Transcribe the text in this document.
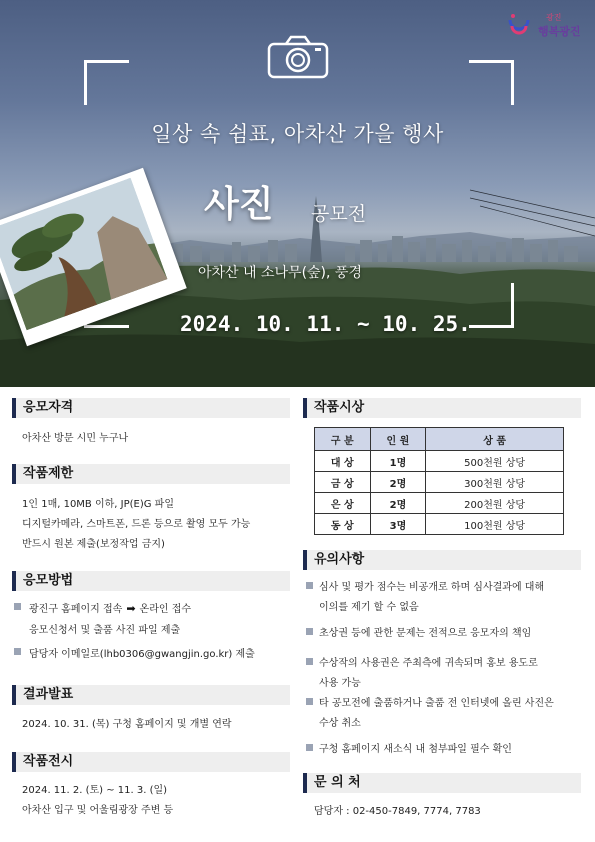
광진
행복광진
일상 속 쉼표, 아차산 가을 행사
사진 공모전
아차산 내 소나무(숲), 풍경
2024. 10. 11. ~ 10. 25.
응모자격
아차산 방문 시민 누구나
작품제한
1인 1매, 10MB 이하, JP(E)G 파일
디지털카메라, 스마트폰, 드론 등으로 촬영 모두 가능
반드시 원본 제출(보정작업 금지)
응모방법
광진구 홈페이지 접속 ➡ 온라인 접수
응모신청서 및 출품 사진 파일 제출
담당자 이메일로(lhb0306@gwangjin.go.kr) 제출
결과발표
2024. 10. 31. (목) 구청 홈페이지 및 개별 연락
작품전시
2024. 11. 2. (토) ~ 11. 3. (일)
아차산 입구 및 어울림광장 주변 등
작품시상
구 분	인 원	상 품
대 상	1명	500천원 상당
금 상	2명	300천원 상당
은 상	2명	200천원 상당
동 상	3명	100천원 상당
유의사항
심사 및 평가 점수는 비공개로 하며 심사결과에 대해
이의를 제기 할 수 없음
초상권 등에 관한 문제는 전적으로 응모자의 책임
수상작의 사용권은 주최측에 귀속되며 홍보 용도로
사용 가능
타 공모전에 출품하거나 출품 전 인터넷에 올린 사진은
수상 취소
구청 홈페이지 새소식 내 첨부파일 필수 확인
문 의 처
담당자 : 02-450-7849, 7774, 7783
